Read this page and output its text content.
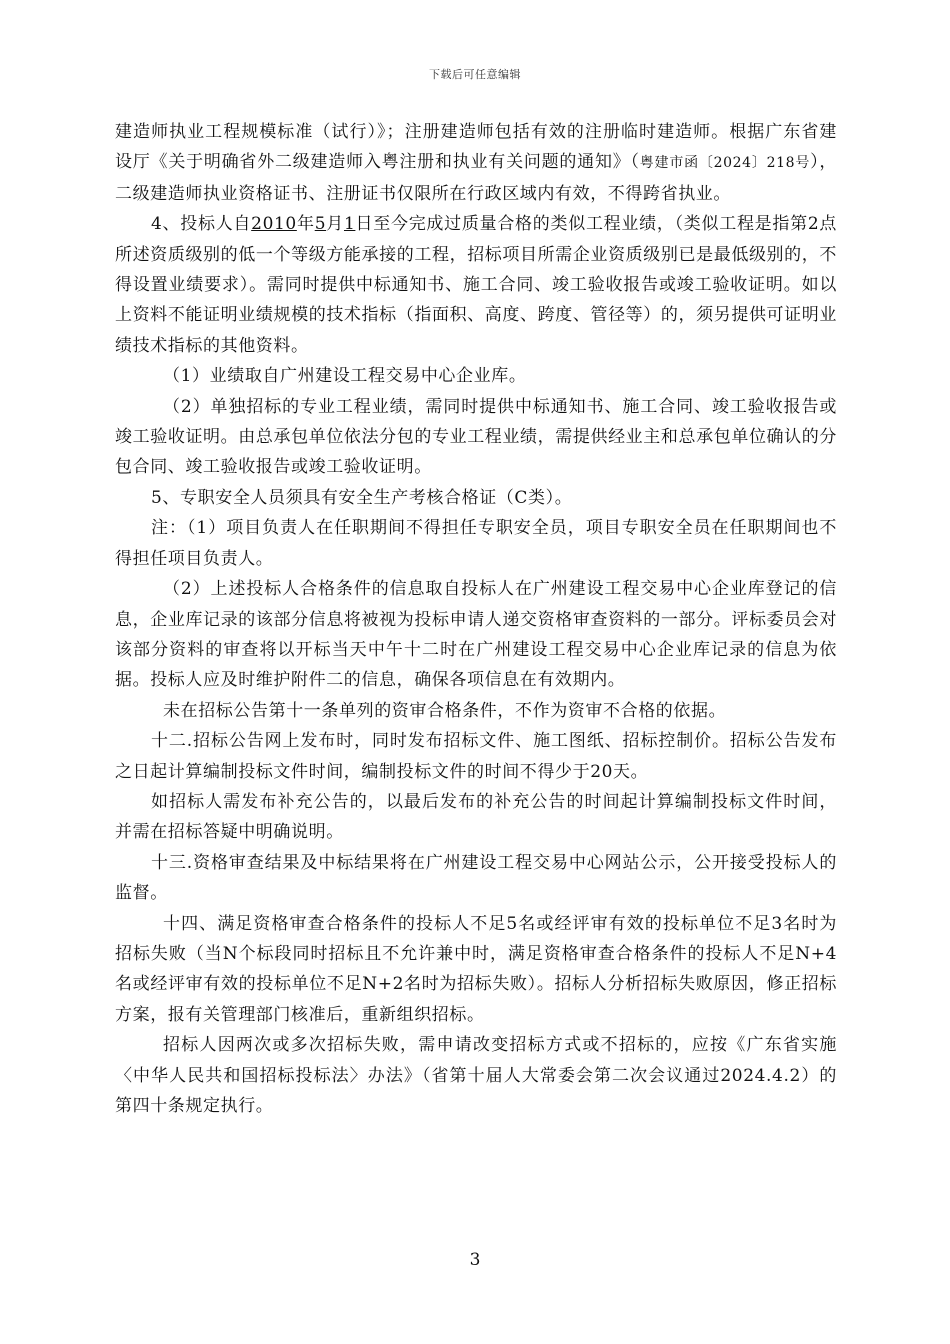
下载后可任意编辑

建造师执业工程规模标准（试行）》；注册建造师包括有效的注册临时建造师。根据广东省建设厅《关于明确省外二级建造师入粤注册和执业有关问题的通知》（粤建市函〔2024〕218号），二级建造师执业资格证书、注册证书仅限所在行政区域内有效，不得跨省执业。

4、投标人自2010年5月1日至今完成过质量合格的类似工程业绩，（类似工程是指第2点所述资质级别的低一个等级方能承接的工程，招标项目所需企业资质级别已是最低级别的，不得设置业绩要求）。需同时提供中标通知书、施工合同、竣工验收报告或竣工验收证明。如以上资料不能证明业绩规模的技术指标（指面积、高度、跨度、管径等）的，须另提供可证明业绩技术指标的其他资料。

（1）业绩取自广州建设工程交易中心企业库。

（2）单独招标的专业工程业绩，需同时提供中标通知书、施工合同、竣工验收报告或竣工验收证明。由总承包单位依法分包的专业工程业绩，需提供经业主和总承包单位确认的分包合同、竣工验收报告或竣工验收证明。

5、专职安全人员须具有安全生产考核合格证（C类）。

注：（1）项目负责人在任职期间不得担任专职安全员，项目专职安全员在任职期间也不得担任项目负责人。

（2）上述投标人合格条件的信息取自投标人在广州建设工程交易中心企业库登记的信息，企业库记录的该部分信息将被视为投标申请人递交资格审查资料的一部分。评标委员会对该部分资料的审查将以开标当天中午十二时在广州建设工程交易中心企业库记录的信息为依据。投标人应及时维护附件二的信息，确保各项信息在有效期内。

未在招标公告第十一条单列的资审合格条件，不作为资审不合格的依据。

十二.招标公告网上发布时，同时发布招标文件、施工图纸、招标控制价。招标公告发布之日起计算编制投标文件时间，编制投标文件的时间不得少于20天。

如招标人需发布补充公告的，以最后发布的补充公告的时间起计算编制投标文件时间，并需在招标答疑中明确说明。

十三.资格审查结果及中标结果将在广州建设工程交易中心网站公示，公开接受投标人的监督。

十四、满足资格审查合格条件的投标人不足5名或经评审有效的投标单位不足3名时为招标失败（当N个标段同时招标且不允许兼中时，满足资格审查合格条件的投标人不足N+4名或经评审有效的投标单位不足N+2名时为招标失败）。招标人分析招标失败原因，修正招标方案，报有关管理部门核准后，重新组织招标。

招标人因两次或多次招标失败，需申请改变招标方式或不招标的，应按《广东省实施〈中华人民共和国招标投标法〉办法》（省第十届人大常委会第二次会议通过2024.4.2）的第四十条规定执行。

3
